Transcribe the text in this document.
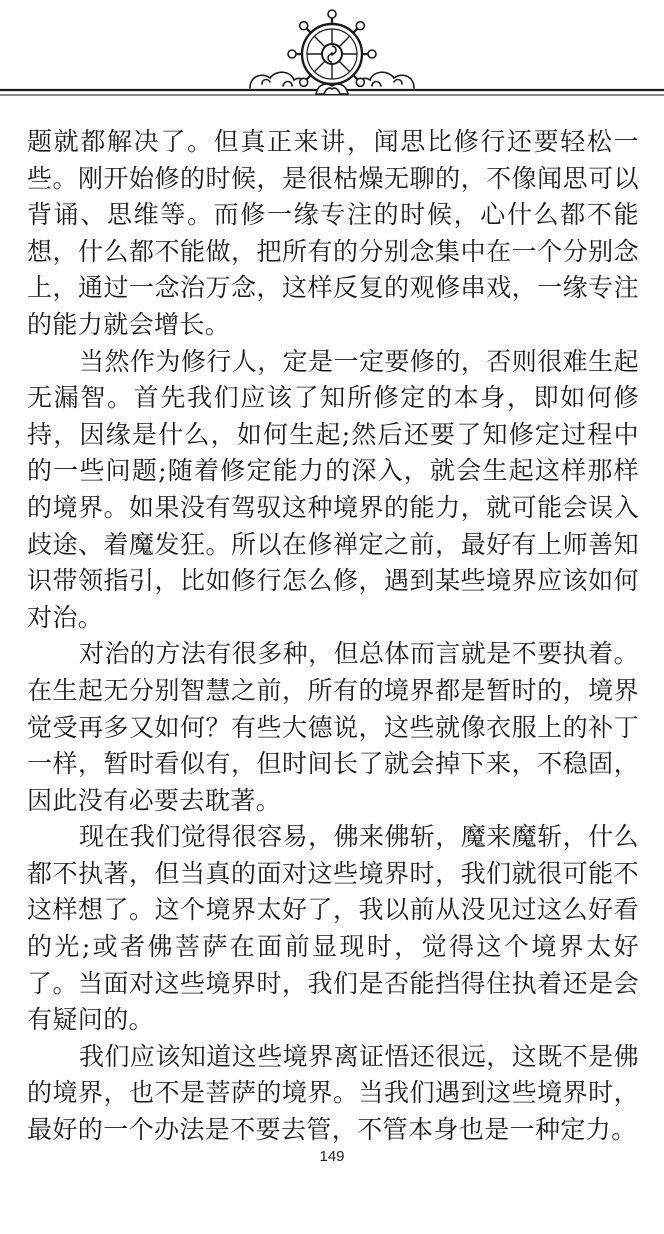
题就都解决了。但真正来讲，闻思比修行还要轻松一些。刚开始修的时候，是很枯燥无聊的，不像闻思可以背诵、思维等。而修一缘专注的时候，心什么都不能想，什么都不能做，把所有的分别念集中在一个分别念上，通过一念治万念，这样反复的观修串戏，一缘专注的能力就会增长。

当然作为修行人，定是一定要修的，否则很难生起无漏智。首先我们应该了知所修定的本身，即如何修持，因缘是什么，如何生起;然后还要了知修定过程中的一些问题;随着修定能力的深入，就会生起这样那样的境界。如果没有驾驭这种境界的能力，就可能会误入歧途、着魔发狂。所以在修禅定之前，最好有上师善知识带领指引，比如修行怎么修，遇到某些境界应该如何对治。

对治的方法有很多种，但总体而言就是不要执着。在生起无分别智慧之前，所有的境界都是暂时的，境界觉受再多又如何？有些大德说，这些就像衣服上的补丁一样，暂时看似有，但时间长了就会掉下来，不稳固，因此没有必要去耽著。

现在我们觉得很容易，佛来佛斩，魔来魔斩，什么都不执著，但当真的面对这些境界时，我们就很可能不这样想了。这个境界太好了，我以前从没见过这么好看的光;或者佛菩萨在面前显现时，觉得这个境界太好了。当面对这些境界时，我们是否能挡得住执着还是会有疑问的。

我们应该知道这些境界离证悟还很远，这既不是佛的境界，也不是菩萨的境界。当我们遇到这些境界时，最好的一个办法是不要去管，不管本身也是一种定力。

149
